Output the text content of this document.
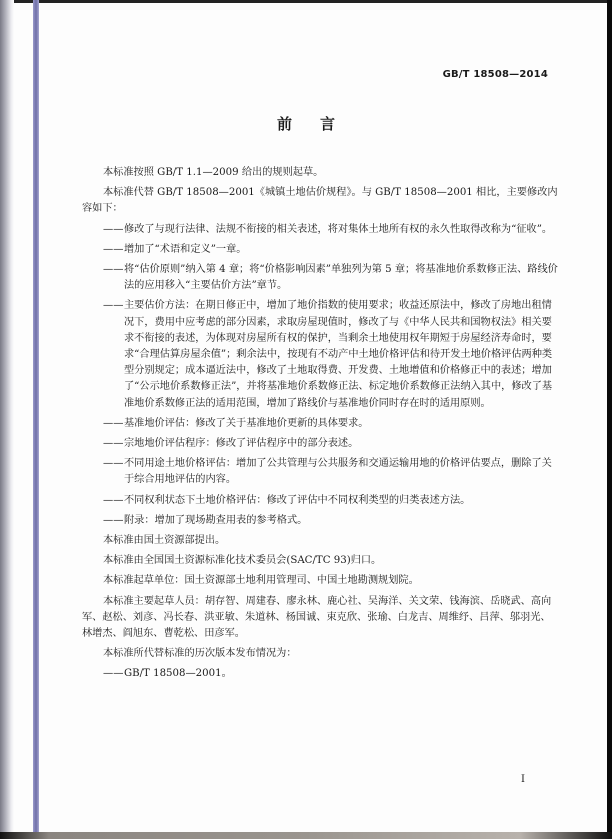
GB/T 18508—2014
前言

本标准按照 GB/T 1.1—2009 给出的规则起草。

本标准代替 GB/T 18508—2001《城镇土地估价规程》。与 GB/T 18508—2001 相比，主要修改内容如下：

—— 修改了与现行法律、法规不衔接的相关表述，将对集体土地所有权的永久性取得改称为“征收”。
—— 增加了“术语和定义”一章。
—— 将“估价原则”纳入第 4 章；将“价格影响因素”单独列为第 5 章；将基准地价系数修正法、路线价法的应用移入“主要估价方法”章节。
—— 主要估价方法：在期日修正中，增加了地价指数的使用要求；收益还原法中，修改了房地出租情况下，费用中应考虑的部分因素，求取房屋现值时，修改了与《中华人民共和国物权法》相关要求不衔接的表述，为体现对房屋所有权的保护，当剩余土地使用权年期短于房屋经济寿命时，要求“合理估算房屋余值”；剩余法中，按现有不动产中土地价格评估和待开发土地价格评估两种类型分别规定；成本逼近法中，修改了土地取得费、开发费、土地增值和价格修正中的表述；增加了“公示地价系数修正法”，并将基准地价系数修正法、标定地价系数修正法纳入其中，修改了基准地价系数修正法的适用范围，增加了路线价与基准地价同时存在时的适用原则。
—— 基准地价评估：修改了关于基准地价更新的具体要求。
—— 宗地地价评估程序：修改了评估程序中的部分表述。
—— 不同用途土地价格评估：增加了公共管理与公共服务和交通运输用地的价格评估要点，删除了关于综合用地评估的内容。
—— 不同权利状态下土地价格评估：修改了评估中不同权利类型的归类表述方法。
—— 附录：增加了现场勘查用表的参考格式。

本标准由国土资源部提出。

本标准由全国国土资源标准化技术委员会(SAC/TC 93)归口。

本标准起草单位：国土资源部土地利用管理司、中国土地勘测规划院。

本标准主要起草人员：胡存智、周建春、廖永林、鹿心社、吴海洋、关文荣、钱海滨、岳晓武、高向军、赵松、刘彦、冯长春、洪亚敏、朱道林、杨国诚、束克欣、张瑜、白龙吉、周维纾、吕萍、邬羽光、林增杰、阎旭东、曹乾松、田彦军。

本标准所代替标准的历次版本发布情况为：

—— GB/T 18508—2001。
I
